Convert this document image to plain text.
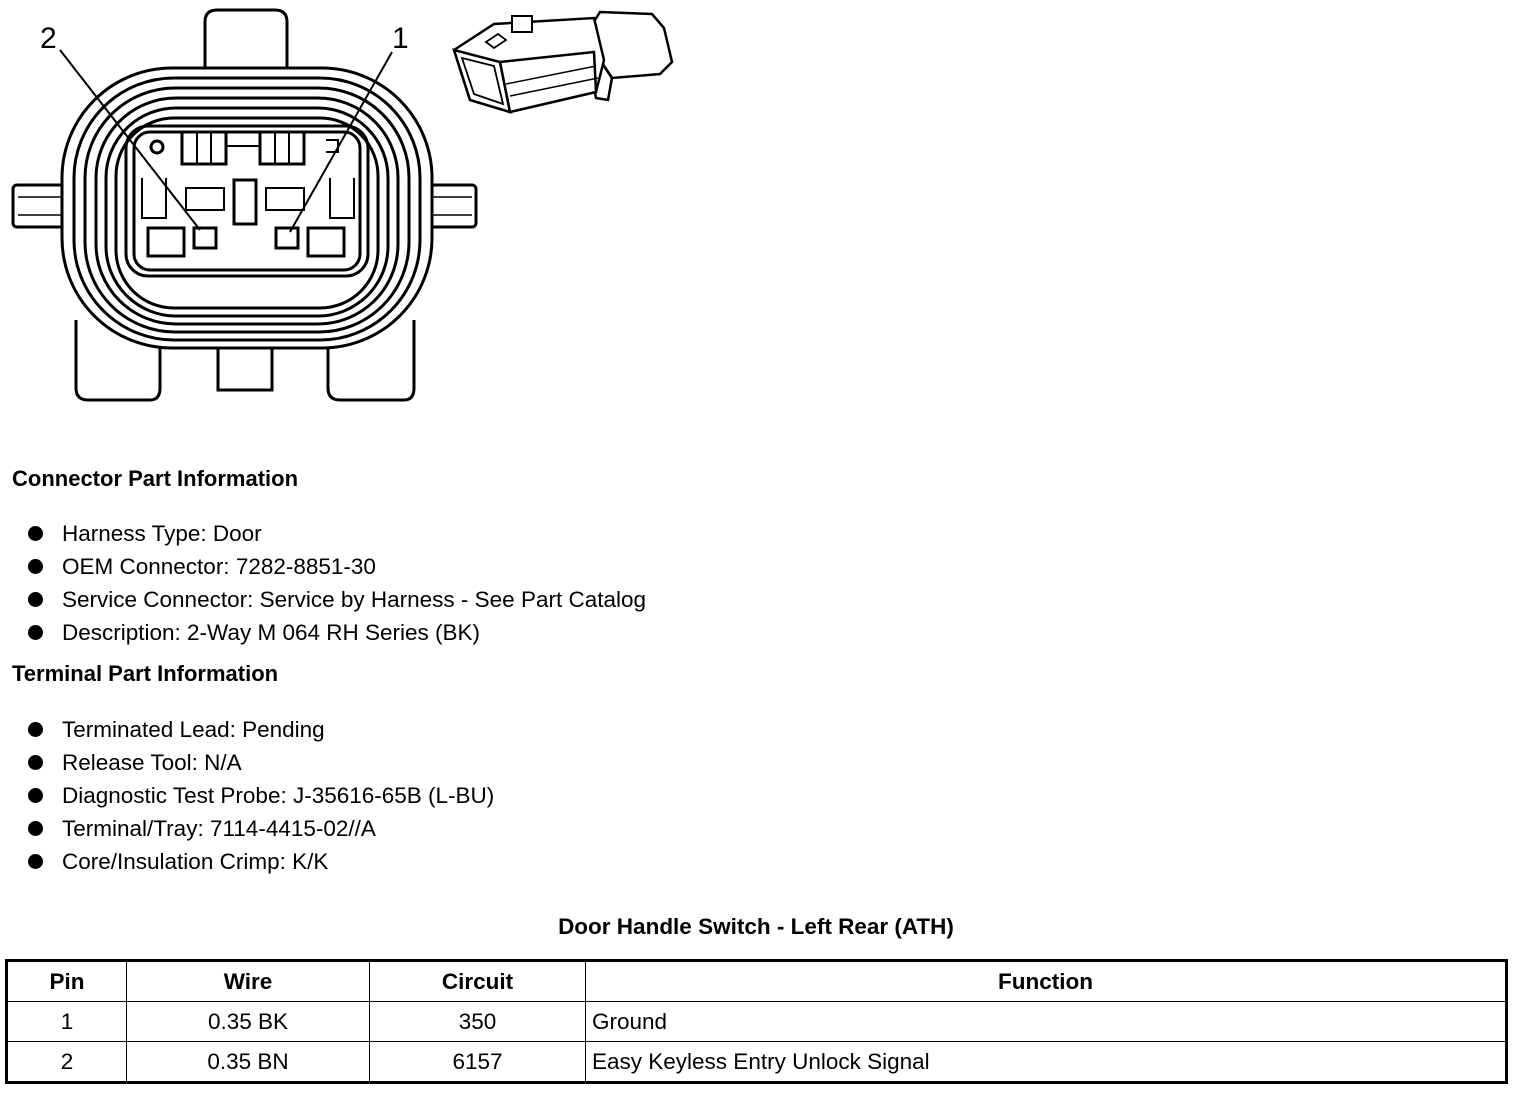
2	1
Connector Part Information
Harness Type: Door
OEM Connector: 7282-8851-30
Service Connector: Service by Harness - See Part Catalog
Description: 2-Way M 064 RH Series (BK)
Terminal Part Information
Terminated Lead: Pending
Release Tool: N/A
Diagnostic Test Probe: J-35616-65B (L-BU)
Terminal/Tray: 7114-4415-02//A
Core/Insulation Crimp: K/K
Door Handle Switch - Left Rear (ATH)
Pin	Wire	Circuit	Function
1	0.35 BK	350	Ground
2	0.35 BN	6157	Easy Keyless Entry Unlock Signal
